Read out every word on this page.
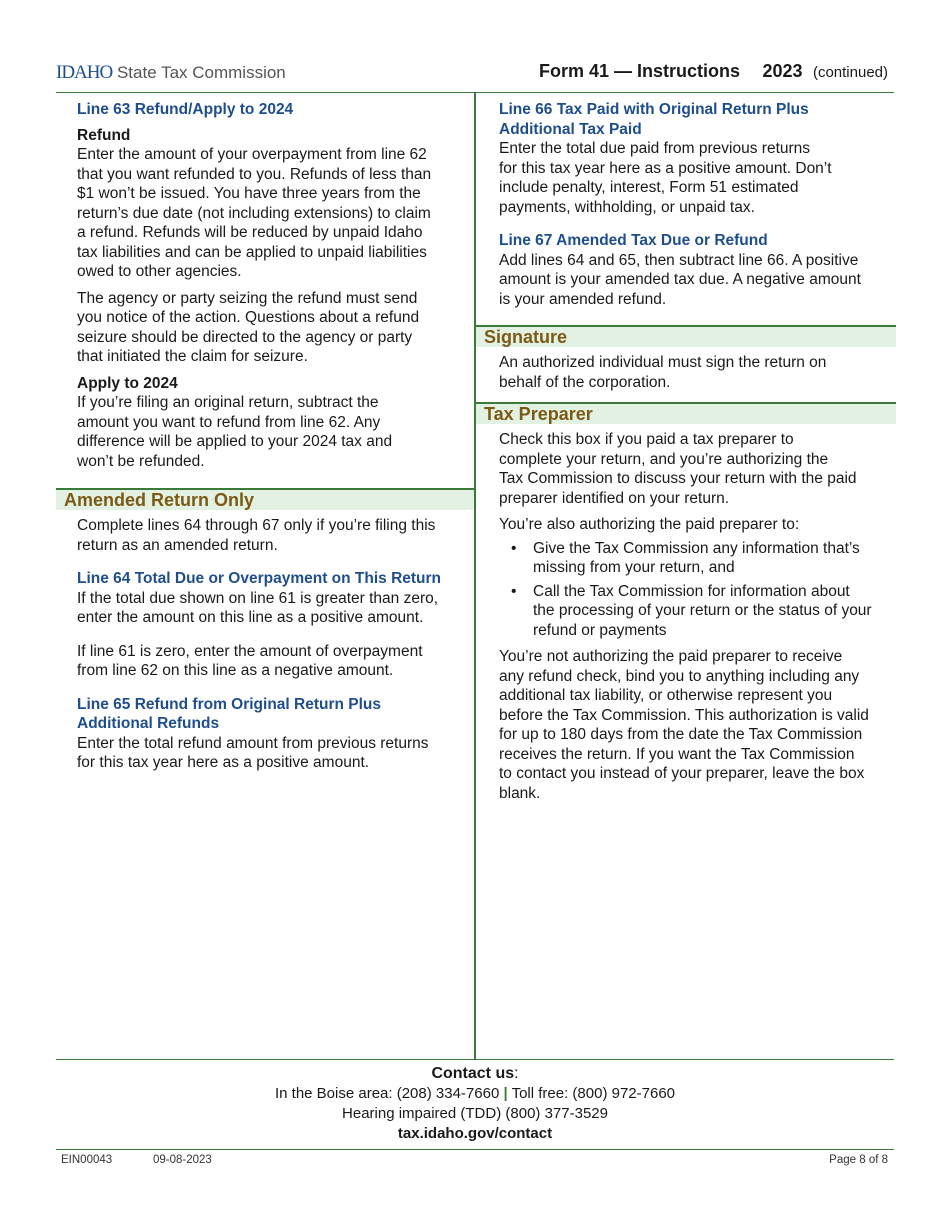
IDAHO State Tax Commission	Form 41 — Instructions 2023 (continued)
Line 63 Refund/Apply to 2024
Refund

Enter the amount of your overpayment from line 62
that you want refunded to you. Refunds of less than
$1 won’t be issued. You have three years from the
return’s due date (not including extensions) to claim
a refund. Refunds will be reduced by unpaid Idaho
tax liabilities and can be applied to unpaid liabilities
owed to other agencies.

The agency or party seizing the refund must send
you notice of the action. Questions about a refund
seizure should be directed to the agency or party
that initiated the claim for seizure.

Apply to 2024

If you’re filing an original return, subtract the
amount you want to refund from line 62. Any
difference will be applied to your 2024 tax and
won’t be refunded.

Amended Return Only

Complete lines 64 through 67 only if you’re filing this
return as an amended return.

Line 64 Total Due or Overpayment on This Return

If the total due shown on line 61 is greater than zero,
enter the amount on this line as a positive amount.

If line 61 is zero, enter the amount of overpayment
from line 62 on this line as a negative amount.

Line 65 Refund from Original Return Plus
Additional Refunds

Enter the total refund amount from previous returns
for this tax year here as a positive amount.

Line 66 Tax Paid with Original Return Plus
Additional Tax Paid

Enter the total due paid from previous returns
for this tax year here as a positive amount. Don’t
include penalty, interest, Form 51 estimated
payments, withholding, or unpaid tax.

Line 67 Amended Tax Due or Refund

Add lines 64 and 65, then subtract line 66. A positive
amount is your amended tax due. A negative amount
is your amended refund.

Signature

An authorized individual must sign the return on
behalf of the corporation.

Tax Preparer

Check this box if you paid a tax preparer to
complete your return, and you’re authorizing the
Tax Commission to discuss your return with the paid
preparer identified on your return.

You’re also authorizing the paid preparer to:

• Give the Tax Commission any information that’s
missing from your return, and
• Call the Tax Commission for information about
the processing of your return or the status of your
refund or payments

You’re not authorizing the paid preparer to receive
any refund check, bind you to anything including any
additional tax liability, or otherwise represent you
before the Tax Commission. This authorization is valid
for up to 180 days from the date the Tax Commission
receives the return. If you want the Tax Commission
to contact you instead of your preparer, leave the box
blank.

Contact us:
In the Boise area: (208) 334-7660 | Toll free: (800) 972-7660
Hearing impaired (TDD) (800) 377-3529
tax.idaho.gov/contact
EIN00043	09-08-2023	Page 8 of 8
